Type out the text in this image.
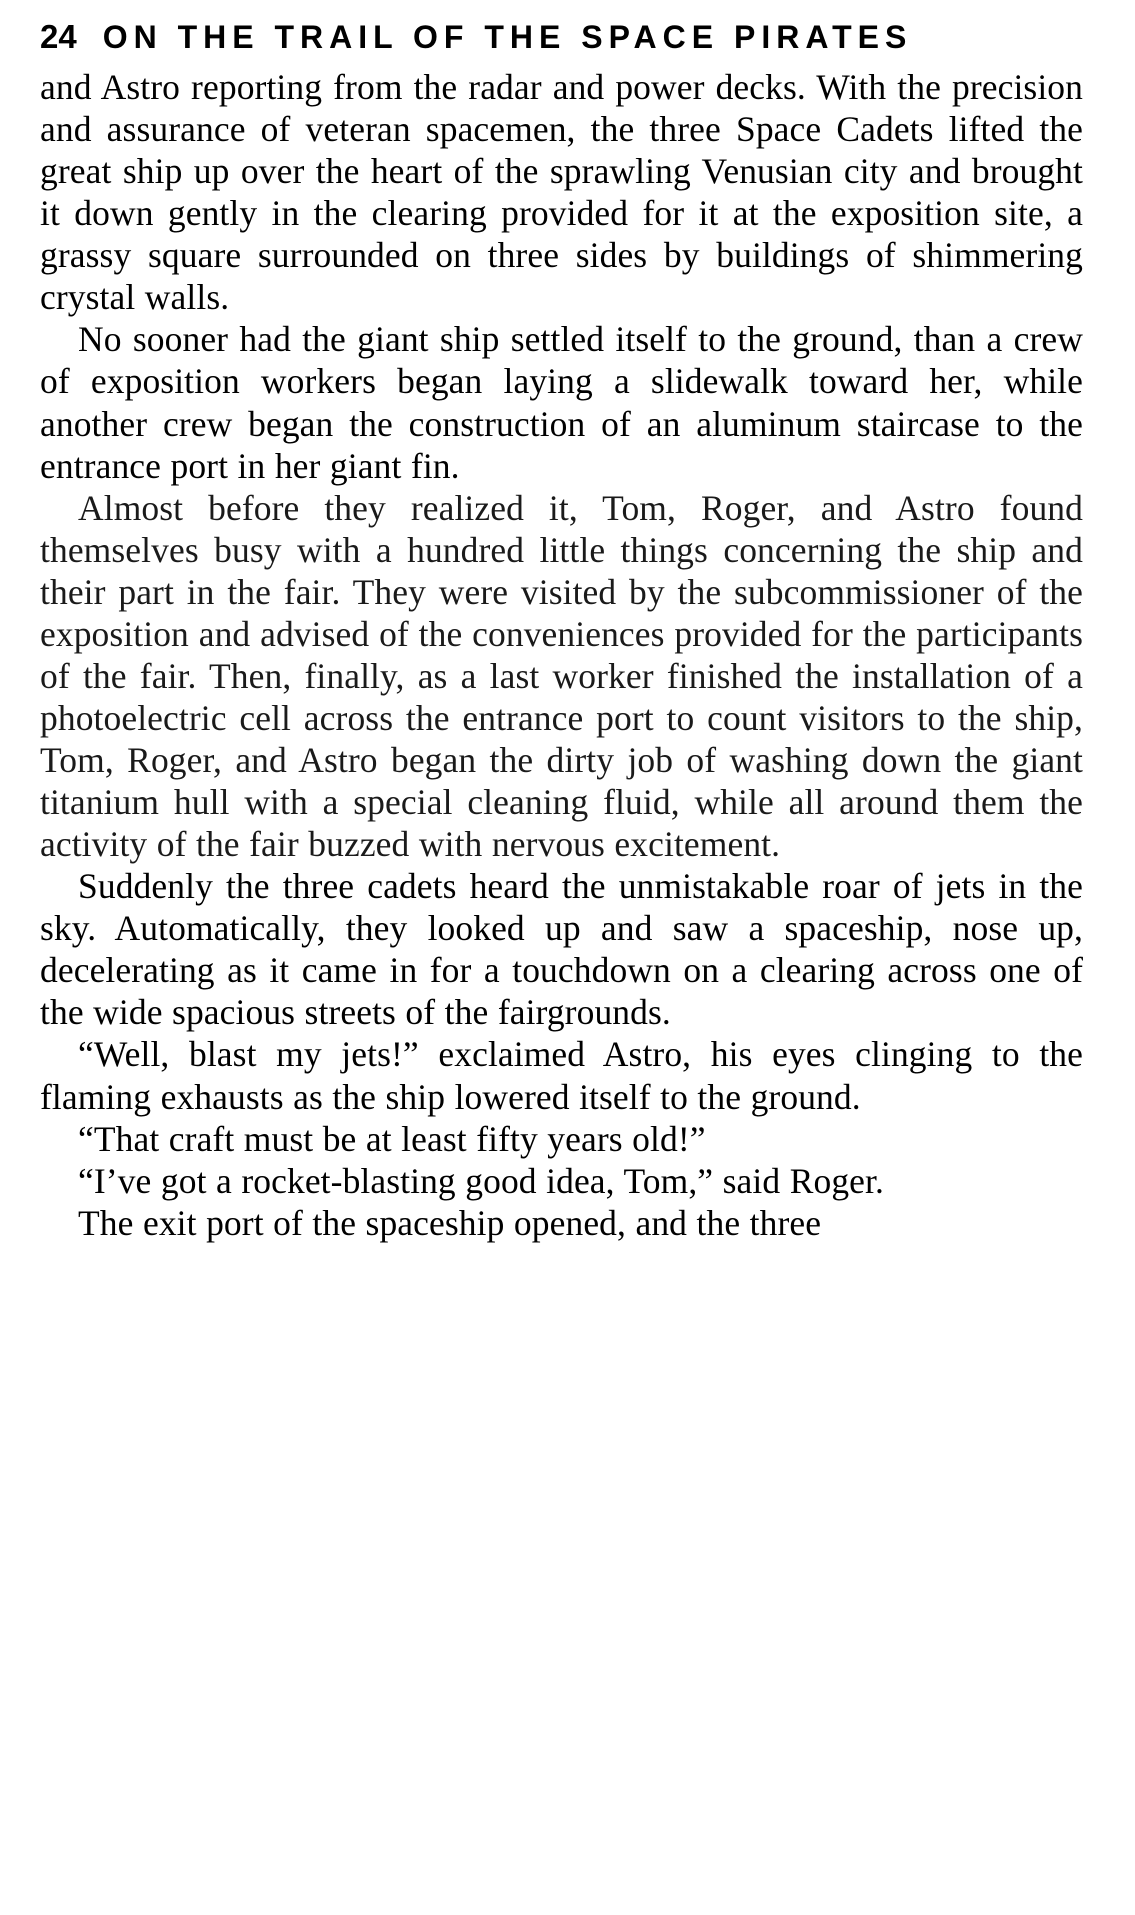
24 ON THE TRAIL OF THE SPACE PIRATES

and Astro reporting from the radar and power decks. With the precision and assurance of veteran spacemen, the three Space Cadets lifted the great ship up over the heart of the sprawling Venusian city and brought it down gently in the clearing provided for it at the exposition site, a grassy square surrounded on three sides by buildings of shimmering crystal walls.

No sooner had the giant ship settled itself to the ground, than a crew of exposition workers began laying a slidewalk toward her, while another crew began the construction of an aluminum staircase to the entrance port in her giant fin.

Almost before they realized it, Tom, Roger, and Astro found themselves busy with a hundred little things concerning the ship and their part in the fair. They were visited by the subcommissioner of the exposition and advised of the conveniences provided for the participants of the fair. Then, finally, as a last worker finished the installation of a photoelectric cell across the entrance port to count visitors to the ship, Tom, Roger, and Astro began the dirty job of washing down the giant titanium hull with a special cleaning fluid, while all around them the activity of the fair buzzed with nervous excitement.

Suddenly the three cadets heard the unmistakable roar of jets in the sky. Automatically, they looked up and saw a spaceship, nose up, decelerating as it came in for a touchdown on a clearing across one of the wide spacious streets of the fairgrounds.

“Well, blast my jets!” exclaimed Astro, his eyes clinging to the flaming exhausts as the ship lowered itself to the ground.

“That craft must be at least fifty years old!”

“I’ve got a rocket-blasting good idea, Tom,” said Roger.

The exit port of the spaceship opened, and the three
